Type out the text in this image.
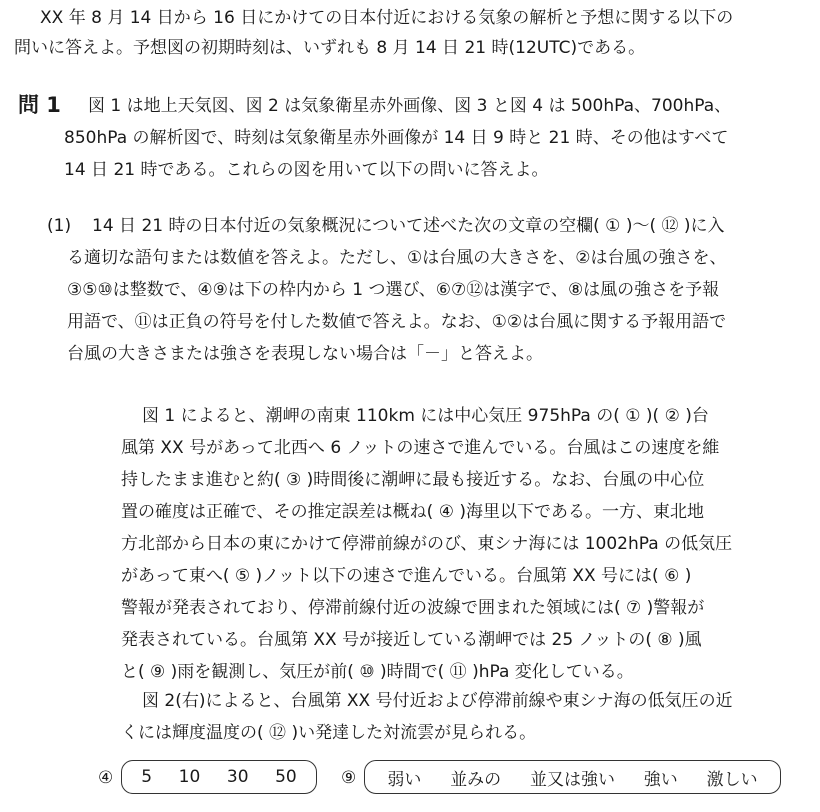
XX 年 8 月 14 日から 16 日にかけての日本付近における気象の解析と予想に関する以下の
問いに答えよ。予想図の初期時刻は、いずれも 8 月 14 日 21 時(12UTC)である。
問 1 図 1 は地上天気図、図 2 は気象衛星赤外画像、図 3 と図 4 は 500hPa、700hPa、
850hPa の解析図で、時刻は気象衛星赤外画像が 14 日 9 時と 21 時、その他はすべて
14 日 21 時である。これらの図を用いて以下の問いに答えよ。
(1) 14 日 21 時の日本付近の気象概況について述べた次の文章の空欄( ① )〜( ⑫ )に入
る適切な語句または数値を答えよ。ただし、①は台風の大きさを、②は台風の強さを、
③⑤⑩は整数で、④⑨は下の枠内から 1 つ選び、⑥⑦⑫は漢字で、⑧は風の強さを予報
用語で、⑪は正負の符号を付した数値で答えよ。なお、①②は台風に関する予報用語で
台風の大きさまたは強さを表現しない場合は「－」と答えよ。
図 1 によると、潮岬の南東 110km には中心気圧 975hPa の( ① )( ② )台
風第 XX 号があって北西へ 6 ノットの速さで進んでいる。台風はこの速度を維
持したまま進むと約( ③ )時間後に潮岬に最も接近する。なお、台風の中心位
置の確度は正確で、その推定誤差は概ね( ④ )海里以下である。一方、東北地
方北部から日本の東にかけて停滞前線がのび、東シナ海には 1002hPa の低気圧
があって東へ( ⑤ )ノット以下の速さで進んでいる。台風第 XX 号には( ⑥ )
警報が発表されており、停滞前線付近の波線で囲まれた領域には( ⑦ )警報が
発表されている。台風第 XX 号が接近している潮岬では 25 ノットの( ⑧ )風
と( ⑨ )雨を観測し、気圧が前( ⑩ )時間で( ⑪ )hPa 変化している。
図 2(右)によると、台風第 XX 号付近および停滞前線や東シナ海の低気圧の近
くには輝度温度の( ⑫ )い発達した対流雲が見られる。
④ 5 10 30 50	⑨ 弱い 並みの 並又は強い 強い 激しい
